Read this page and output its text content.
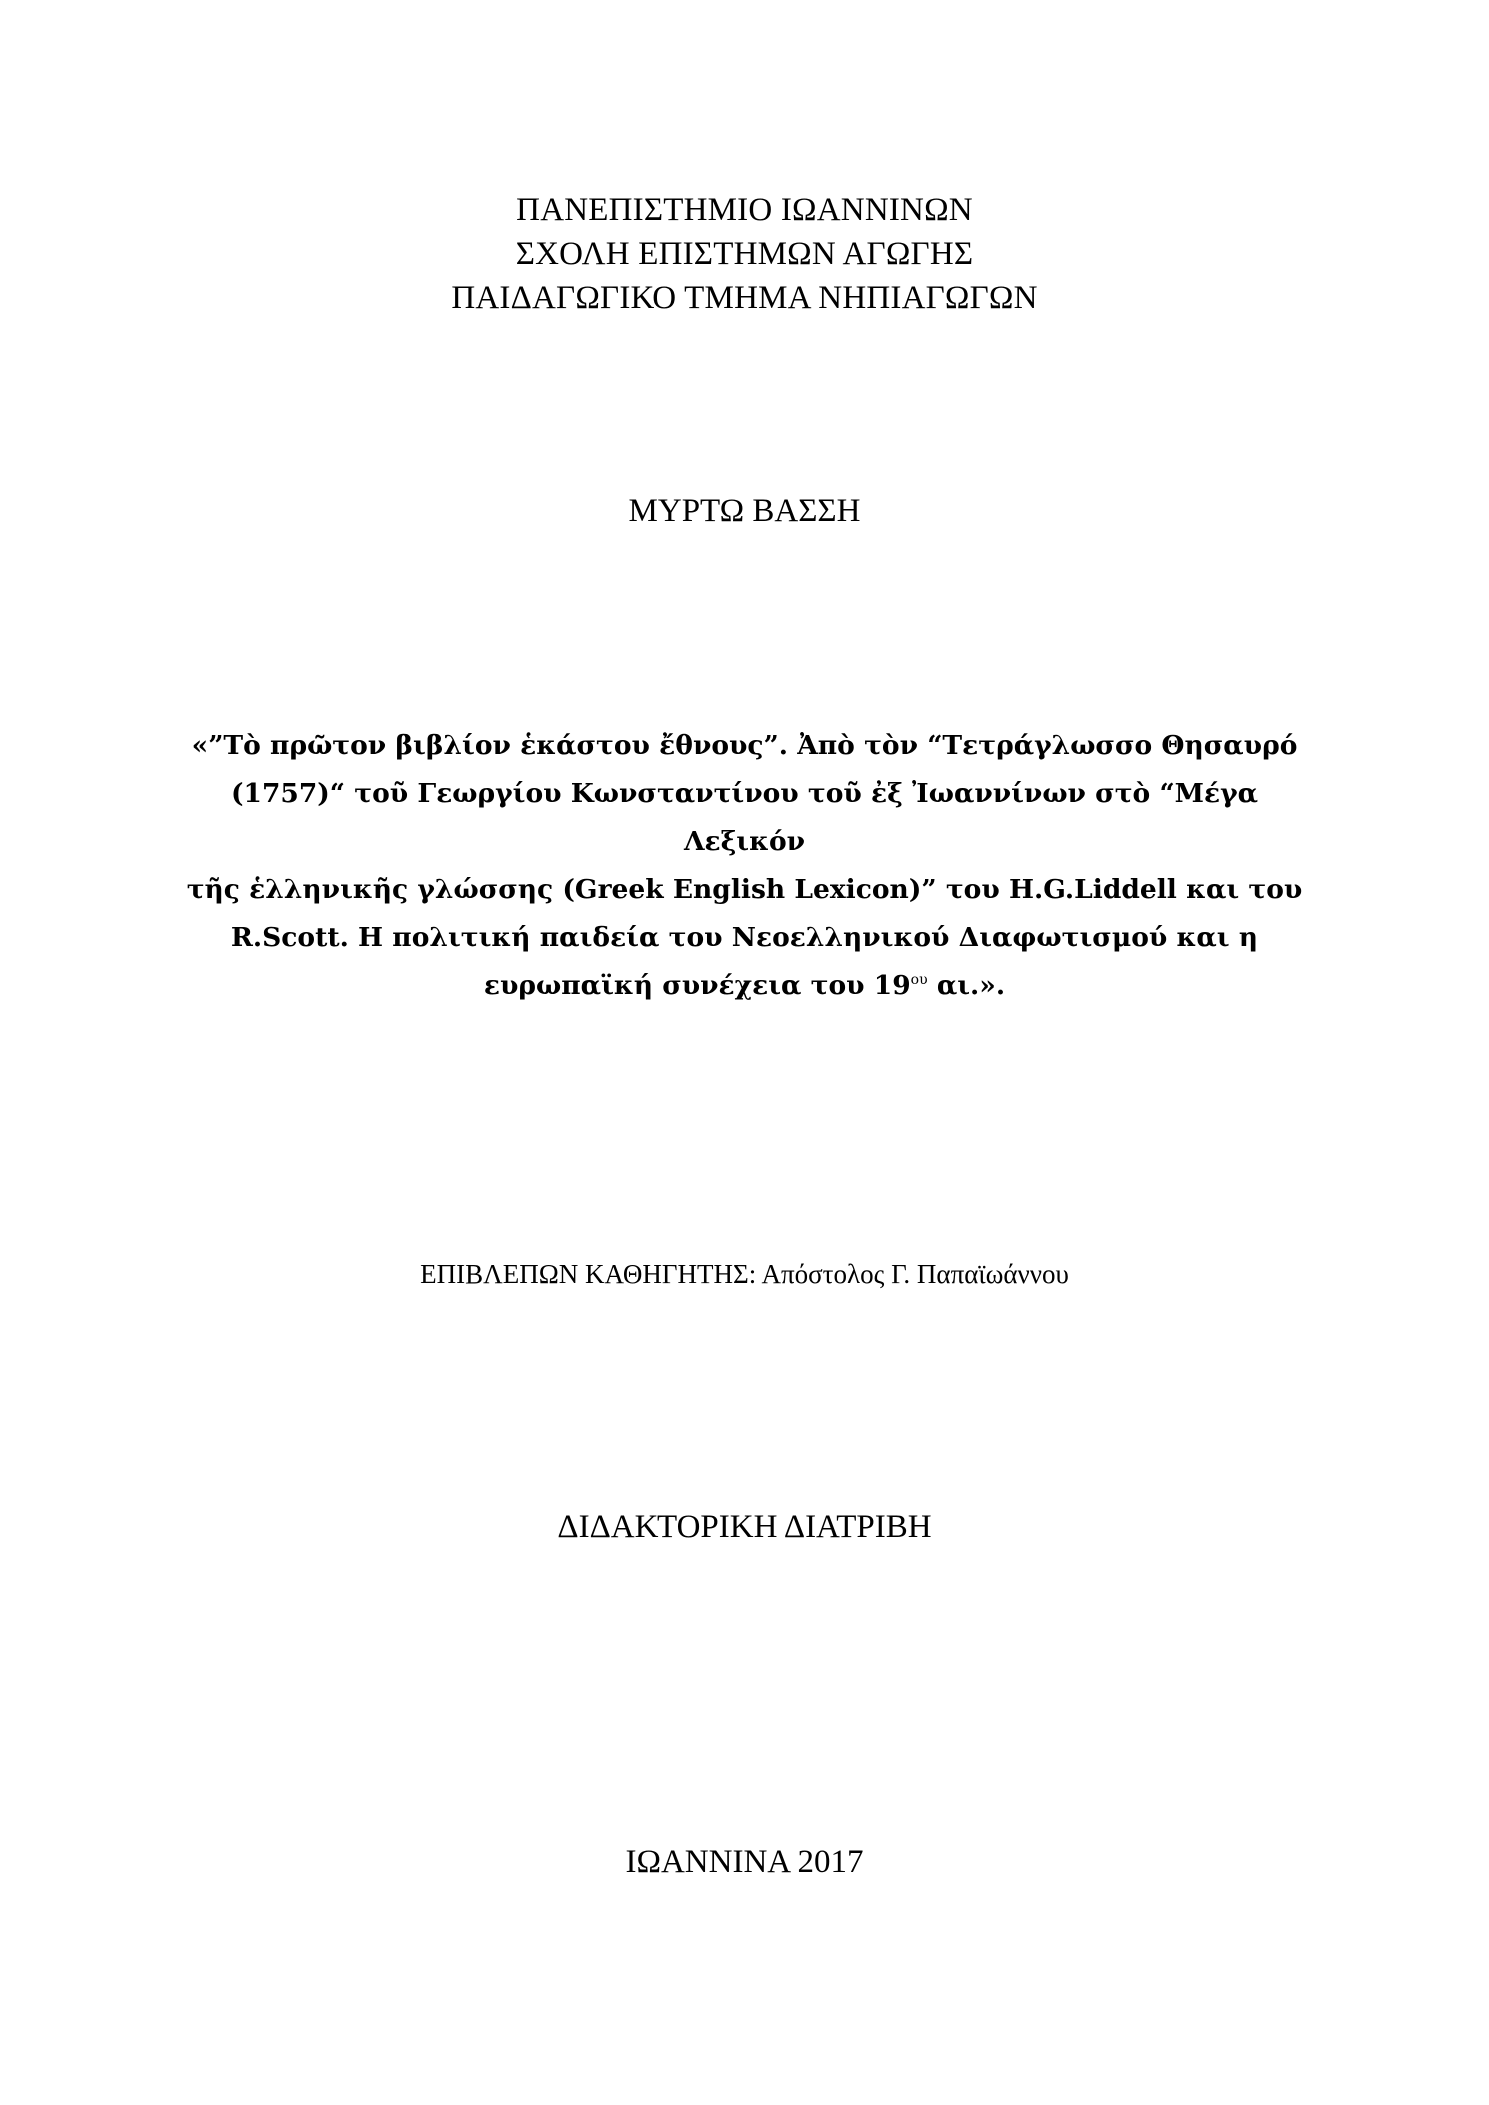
ΠΑΝΕΠΙΣΤΗΜΙΟ ΙΩΑΝΝΙΝΩΝ
ΣΧΟΛΗ ΕΠΙΣΤΗΜΩΝ ΑΓΩΓΗΣ
ΠΑΙΔΑΓΩΓΙΚΟ ΤΜΗΜΑ ΝΗΠΙΑΓΩΓΩΝ
ΜΥΡΤΩ ΒΑΣΣΗ
«”Τὸ πρῶτον βιβλίον ἑκάστου ἔθνους”. Ἀπὸ τὸν “Τετράγλωσσο Θησαυρό
(1757)“ τοῦ Γεωργίου Κωνσταντίνου τοῦ ἐξ Ἰωαννίνων στὸ “Μέγα Λεξικόν
τῆς ἑλληνικῆς γλώσσης (Greek English Lexicon)” του H.G.Liddell και του
R.Scott. Η πολιτική παιδεία του Νεοελληνικού Διαφωτισμού και η
ευρωπαϊκή συνέχεια του $19^{o\upsilon}$ αι.».
ΕΠΙΒΛΕΠΩΝ ΚΑΘΗΓΗΤΗΣ: Απόστολος Γ. Παπαϊωάννου
ΔΙΔΑΚΤΟΡΙΚΗ ΔΙΑΤΡΙΒΗ
ΙΩΑΝΝΙΝΑ 2017
